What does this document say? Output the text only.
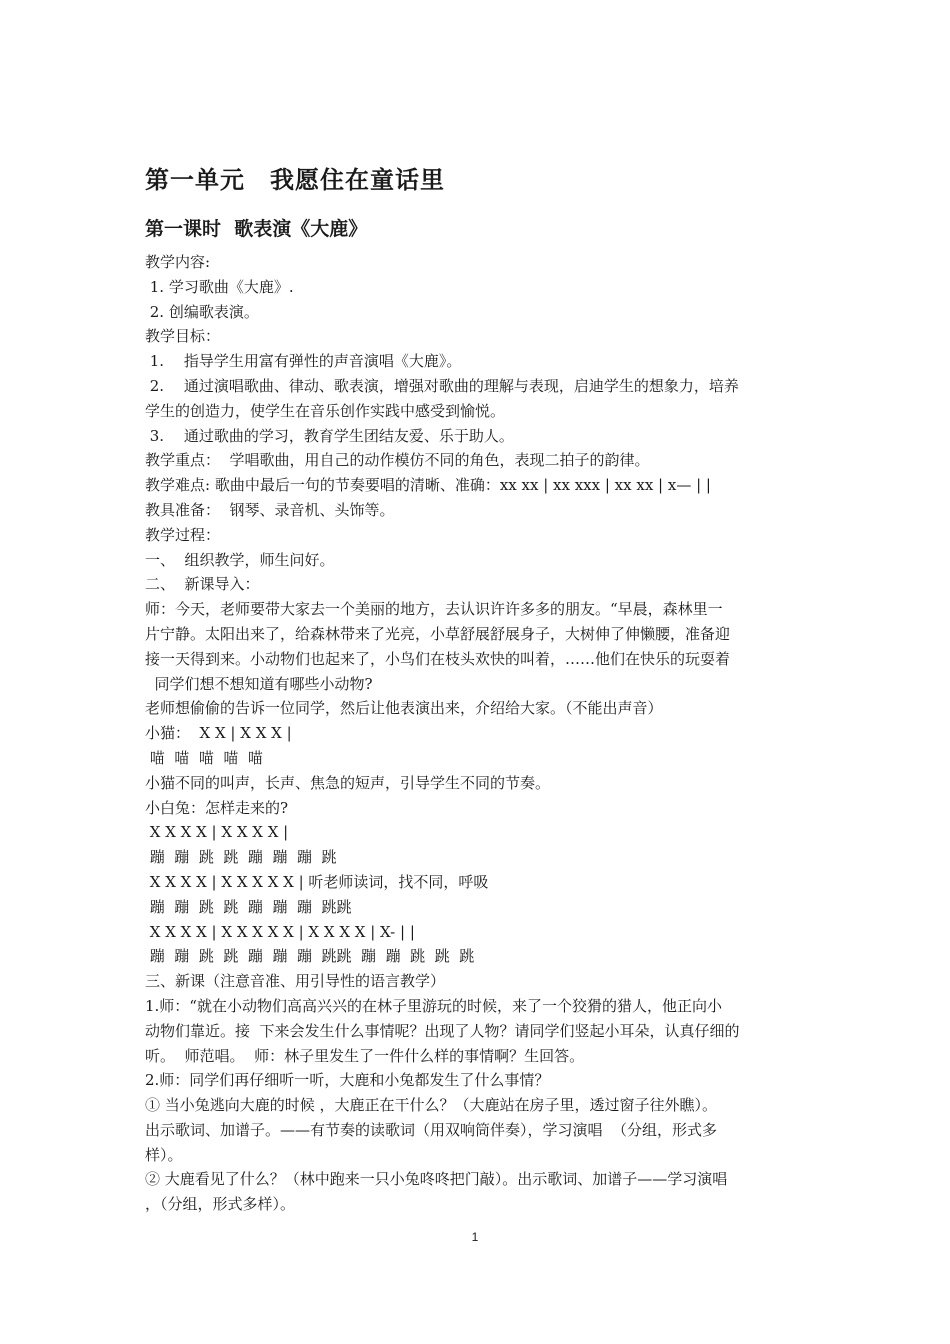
第一单元　我愿住在童话里
第一课时  歌表演《大鹿》
教学内容:
1. 学习歌曲《大鹿》.
2. 创编歌表演。
教学目标：
1.　 指导学生用富有弹性的声音演唱《大鹿》。
2.　 通过演唱歌曲、律动、歌表演，增强对歌曲的理解与表现，启迪学生的想象力，培养
学生的创造力，使学生在音乐创作实践中感受到愉悦。
3.　 通过歌曲的学习，教育学生团结友爱、乐于助人。
教学重点：  学唱歌曲，用自己的动作模仿不同的角色，表现二拍子的韵律。
教学难点: 歌曲中最后一句的节奏要唱的清晰、准确：xx xx | xx xxx | xx xx | x— | |
教具准备：  钢琴、录音机、头饰等。
教学过程：
一、  组织教学，师生问好。
二、  新课导入：
师：今天，老师要带大家去一个美丽的地方，去认识许许多多的朋友。“早晨，森林里一
片宁静。太阳出来了，给森林带来了光亮，小草舒展舒展身子，大树伸了伸懒腰，准备迎
接一天得到来。小动物们也起来了，小鸟们在枝头欢快的叫着，……他们在快乐的玩耍着
同学们想不想知道有哪些小动物?
老师想偷偷的告诉一位同学，然后让他表演出来，介绍给大家。（不能出声音）
小猫：  X X | X X X |
喵  喵  喵  喵  喵
小猫不同的叫声，长声、焦急的短声，引导学生不同的节奏。
小白兔：怎样走来的?
X X X X | X X X X |
蹦  蹦  跳  跳  蹦  蹦  蹦  跳
X X X X | X X X X X | 听老师读词，找不同，呼吸
蹦  蹦  跳  跳  蹦  蹦  蹦  跳跳
X X X X | X X X X X | X X X X | X- | |
蹦  蹦  跳  跳  蹦  蹦  蹦  跳跳  蹦  蹦  跳  跳  跳
三、新课（注意音准、用引导性的语言教学）
1.师：“就在小动物们高高兴兴的在林子里游玩的时候，来了一个狡猾的猎人，他正向小
动物们靠近。接  下来会发生什么事情呢？出现了人物？请同学们竖起小耳朵，认真仔细的
听。  师范唱。  师：林子里发生了一件什么样的事情啊？生回答。
2.师：同学们再仔细听一听，大鹿和小兔都发生了什么事情？
① 当小兔逃向大鹿的时候 ，大鹿正在干什么？（大鹿站在房子里，透过窗子往外瞧）。
出示歌词、加谱子。——有节奏的读歌词（用双响筒伴奏），学习演唱  （分组，形式多
样）。
② 大鹿看见了什么？（林中跑来一只小兔咚咚把门敲）。出示歌词、加谱子——学习演唱
，（分组，形式多样）。
1
